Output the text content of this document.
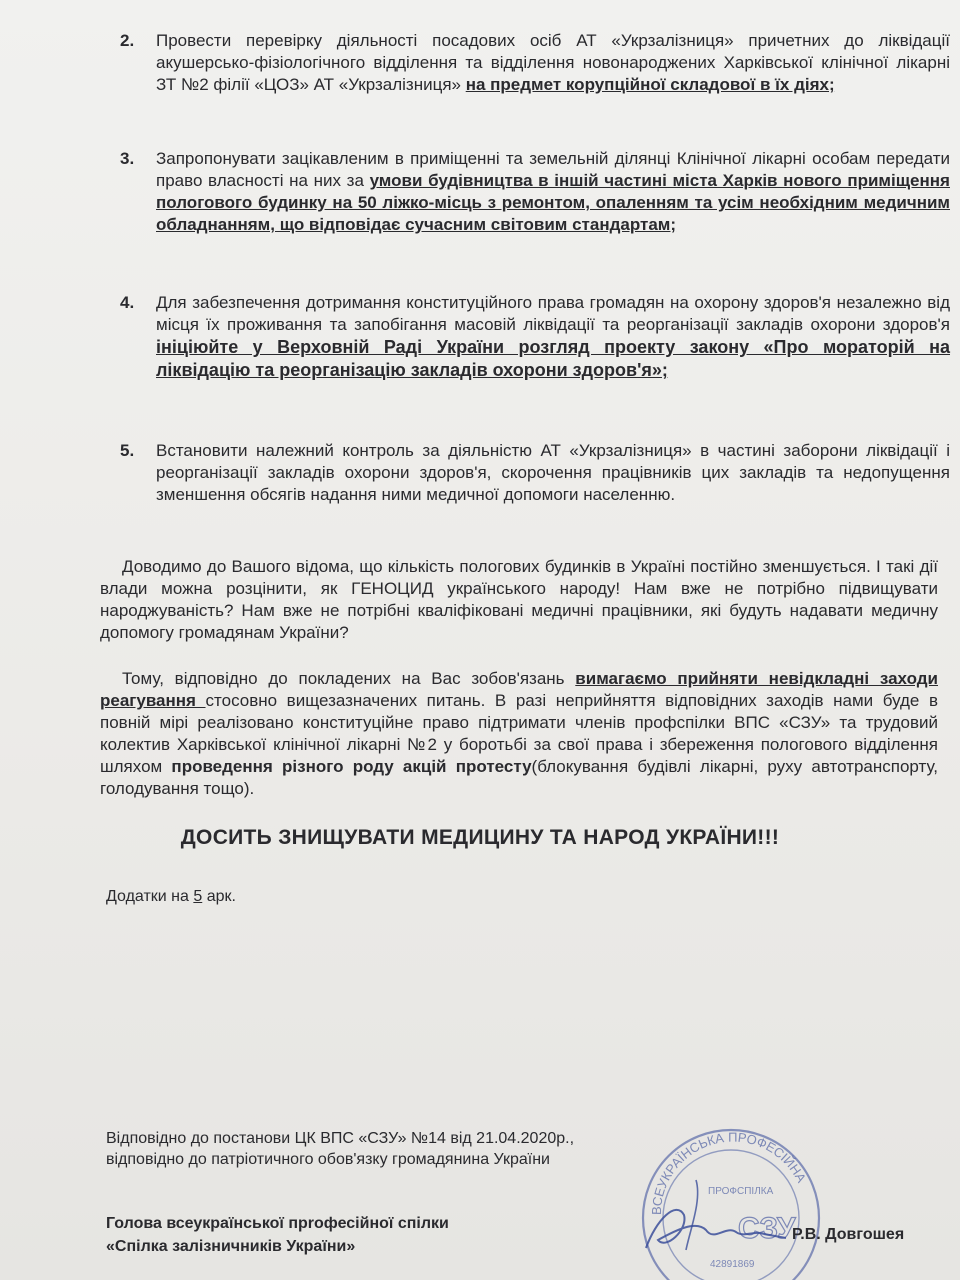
2. Провести перевірку діяльності посадових осіб АТ «Укрзалізниця» причетних до ліквідації акушерсько-фізіологічного відділення та відділення новонароджених Харківської клінічної лікарні ЗТ №2 філії «ЦОЗ» АТ «Укрзалізниця» на предмет корупційної складової в їх діях;
3. Запропонувати зацікавленим в приміщенні та земельній ділянці Клінічної лікарні особам передати право власності на них за умови будівництва в іншій частині міста Харків нового приміщення пологового будинку на 50 ліжко-місць з ремонтом, опаленням та усім необхідним медичним обладнанням, що відповідає сучасним світовим стандартам;
4. Для забезпечення дотримання конституційного права громадян на охорону здоров'я незалежно від місця їх проживання та запобігання масовій ліквідації та реорганізації закладів охорони здоров'я ініціюйте у Верховній Раді України розгляд проекту закону «Про мораторій на ліквідацію та реорганізацію закладів охорони здоров'я»;
5. Встановити належний контроль за діяльністю АТ «Укрзалізниця» в частині заборони ліквідації і реорганізації закладів охорони здоров'я, скорочення працівників цих закладів та недопущення зменшення обсягів надання ними медичної допомоги населенню.
Доводимо до Вашого відома, що кількість пологових будинків в Україні постійно зменшується. І такі дії влади можна розцінити, як ГЕНОЦИД українського народу! Нам вже не потрібно підвищувати народжуваність? Нам вже не потрібні кваліфіковані медичні працівники, які будуть надавати медичну допомогу громадянам України?
Тому, відповідно до покладених на Вас зобов'язань вимагаємо прийняти невідкладні заходи реагування стосовно вищезазначених питань. В разі неприйняття відповідних заходів нами буде в повній мірі реалізовано конституційне право підтримати членів профспілки ВПС «СЗУ» та трудовий колектив Харківської клінічної лікарні №2 у боротьбі за свої права і збереження пологового відділення шляхом проведення різного роду акцій протесту(блокування будівлі лікарні, руху автотранспорту, голодування тощо).
ДОСИТЬ ЗНИЩУВАТИ МЕДИЦИНУ ТА НАРОД УКРАЇНИ!!!
Додатки на 5 арк.
Відповідно до постанови ЦК ВПС «СЗУ» №14 від 21.04.2020р.,
відповідно до патріотичного обов'язку громадянина України
Голова всеукраїнської пprофесійної спілки
«Спілка залізничників України»
ВСЕУКРАЇНСЬКА ПРОФЕСІЙНА
ПРОФСПІЛКА
СЗУ
42891869
Р.В. Довгошея
